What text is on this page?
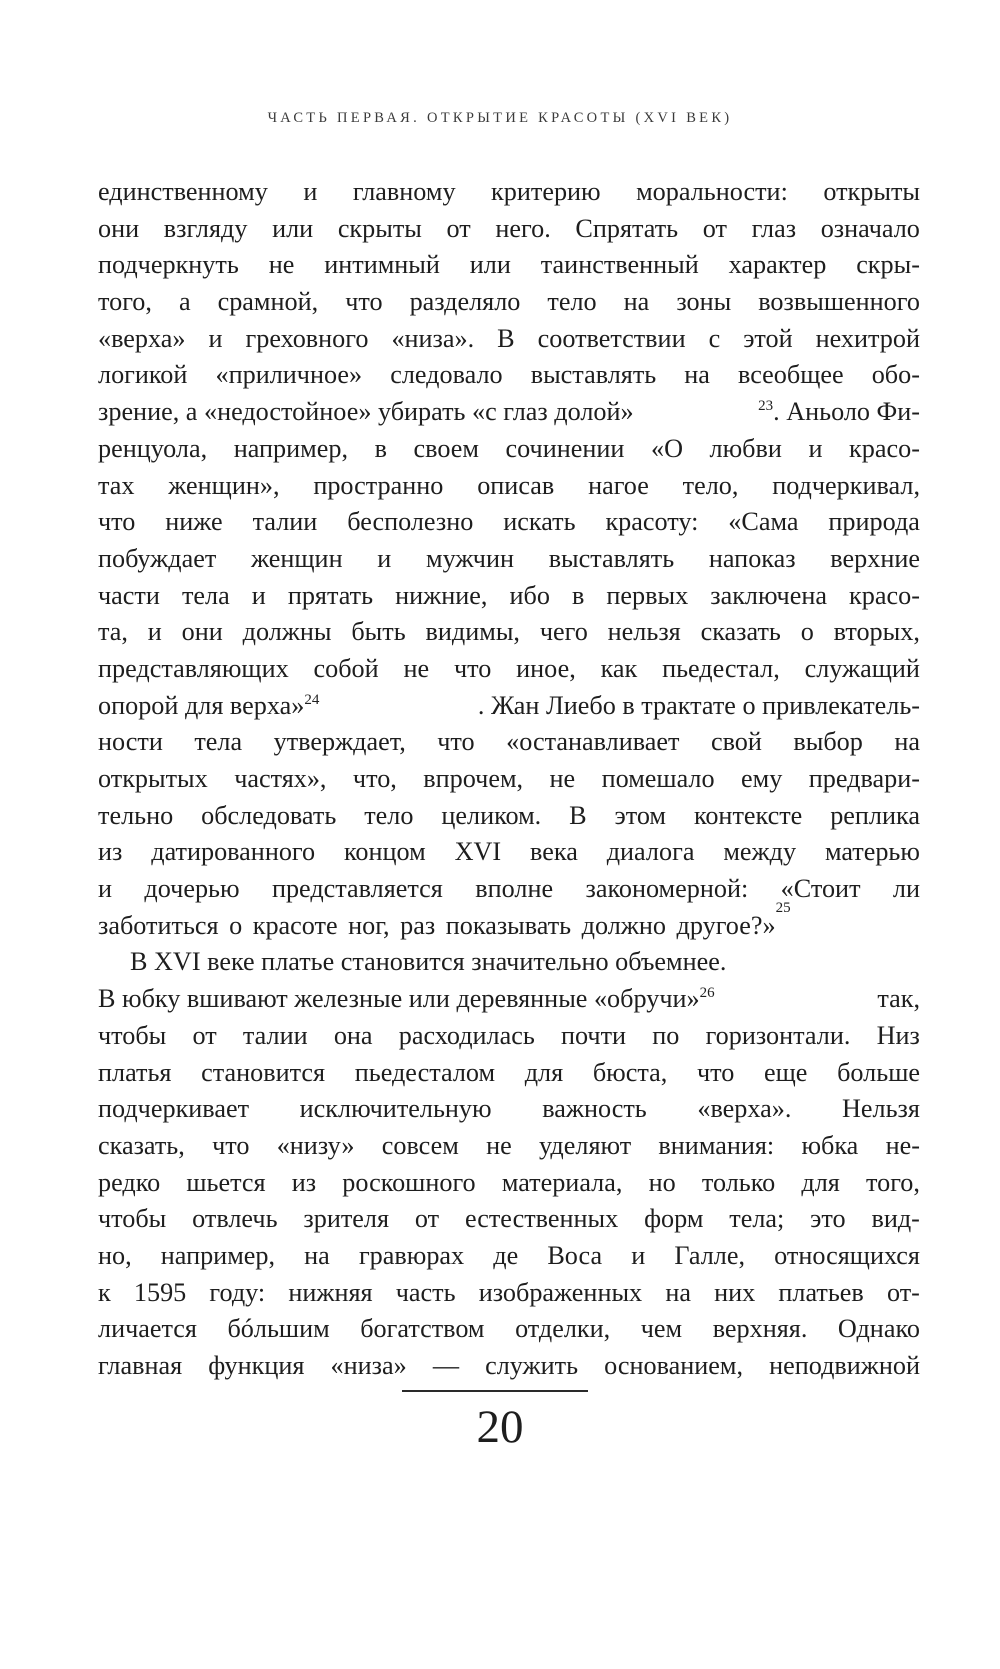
ЧАСТЬ ПЕРВАЯ. ОТКРЫТИЕ КРАСОТЫ (XVI ВЕК)
единственному и главному критерию моральности: открыты
они взгляду или скрыты от него. Спрятать от глаз означало
подчеркнуть не интимный или таинственный характер скры-
того, а срамной, что разделяло тело на зоны возвышенного
«верха» и греховного «низа». В соответствии с этой нехитрой
логикой «приличное» следовало выставлять на всеобщее обо-
зрение, а «недостойное» убирать «с глаз долой»	$^{23}$. Аньоло Фи-
ренцуола, например, в своем сочинении «О любви и красо-
тах женщин», пространно описав нагое тело, подчеркивал,
что ниже талии бесполезно искать красоту: «Сама природа
побуждает женщин и мужчин выставлять напоказ верхние
части тела и прятать нижние, ибо в первых заключена красо-
та, и они должны быть видимы, чего нельзя сказать о вторых,
представляющих собой не что иное, как пьедестал, служащий
опорой для верха»$^{24}$	. Жан Лиебо в трактате о привлекатель-
ности тела утверждает, что «останавливает свой выбор на
открытых частях», что, впрочем, не помешало ему предвари-
тельно обследовать тело целиком. В этом контексте реплика
из датированного концом XVI века диалога между матерью
и дочерью представляется вполне закономерной: «Стоит ли
заботиться о красоте ног, раз показывать должно другое?»
25
В XVI веке платье становится значительно объемнее.
В юбку вшивают железные или деревянные «обручи»$^{26}$	так,
чтобы от талии она расходилась почти по горизонтали. Низ
платья становится пьедесталом для бюста, что еще больше
подчеркивает исключительную важность «верха». Нельзя
сказать, что «низу» совсем не уделяют внимания: юбка не-
редко шьется из роскошного материала, но только для того,
чтобы отвлечь зрителя от естественных форм тела; это вид-
но, например, на гравюрах де Воса и Галле, относящихся
к 1595 году: нижняя часть изображенных на них платьев от-
личается бóльшим богатством отделки, чем верхняя. Однако
главная функция «низа» — служить основанием, неподвижной
20
